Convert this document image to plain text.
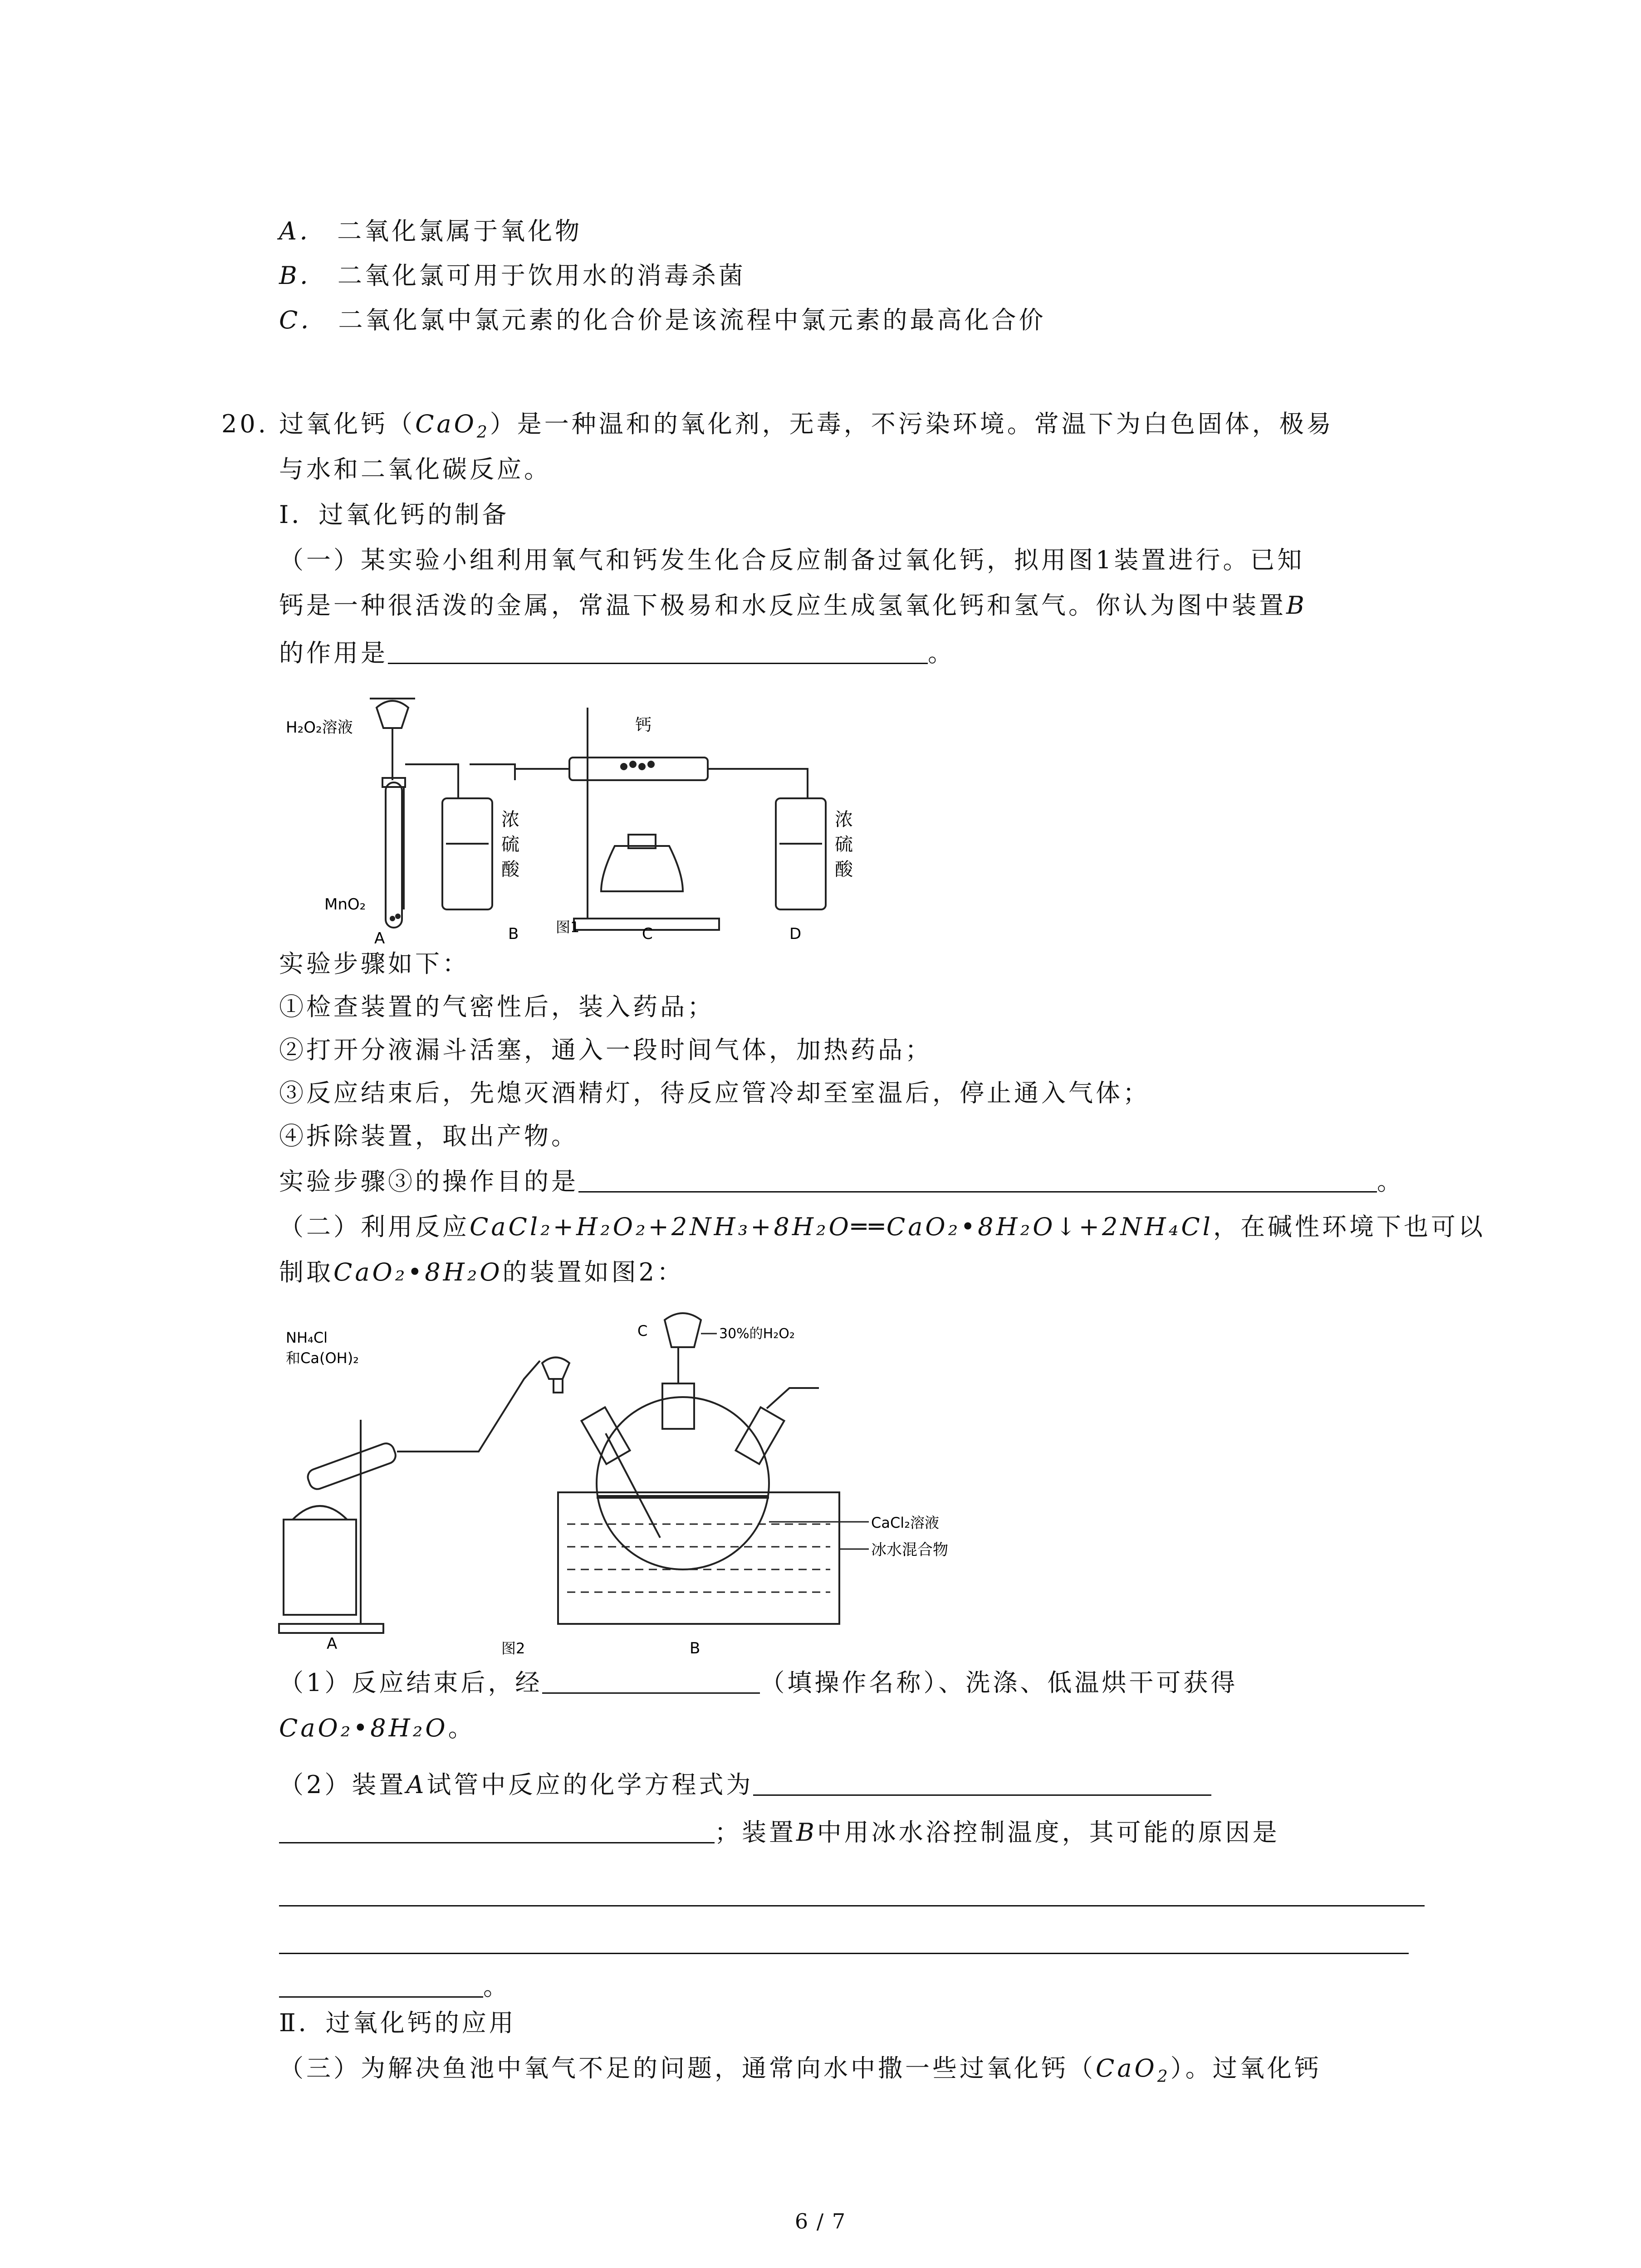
A． 二氧化氯属于氧化物
B． 二氧化氯可用于饮用水的消毒杀菌
C． 二氧化氯中氯元素的化合价是该流程中氯元素的最高化合价
20. 过氧化钙（CaO$_2$）是一种温和的氧化剂，无毒，不污染环境。常温下为白色固体，极易
与水和二氧化碳反应。
Ⅰ．过氧化钙的制备
（一）某实验小组利用氧气和钙发生化合反应制备过氧化钙，拟用图1装置进行。已知
钙是一种很活泼的金属，常温下极易和水反应生成氢氧化钙和氢气。你认为图中装置B
的作用是	。
H₂O₂溶液
MnO₂
钙
浓
硫
酸
浓
硫
酸
A	B	C	D
图1
实验步骤如下：
①检查装置的气密性后，装入药品；
②打开分液漏斗活塞，通入一段时间气体，加热药品；
③反应结束后，先熄灭酒精灯，待反应管冷却至室温后，停止通入气体；
④拆除装置，取出产物。
实验步骤③的操作目的是	。
（二）利用反应CaCl₂+H₂O₂+2NH₃+8H₂O══CaO₂•8H₂O↓+2NH₄Cl，在碱性环境下也可以
制取CaO₂•8H₂O的装置如图2：
NH₄Cl
和Ca(OH)₂
C	30%的H₂O₂
CaCl₂溶液
冰水混合物
A	B
图2
（1）反应结束后，经	（填操作名称）、洗涤、低温烘干可获得
CaO₂•8H₂O。
（2）装置A试管中反应的化学方程式为
；装置B中用冰水浴控制温度，其可能的原因是
。
Ⅱ．过氧化钙的应用
（三）为解决鱼池中氧气不足的问题，通常向水中撒一些过氧化钙（CaO$_2$）。过氧化钙
6 / 7
